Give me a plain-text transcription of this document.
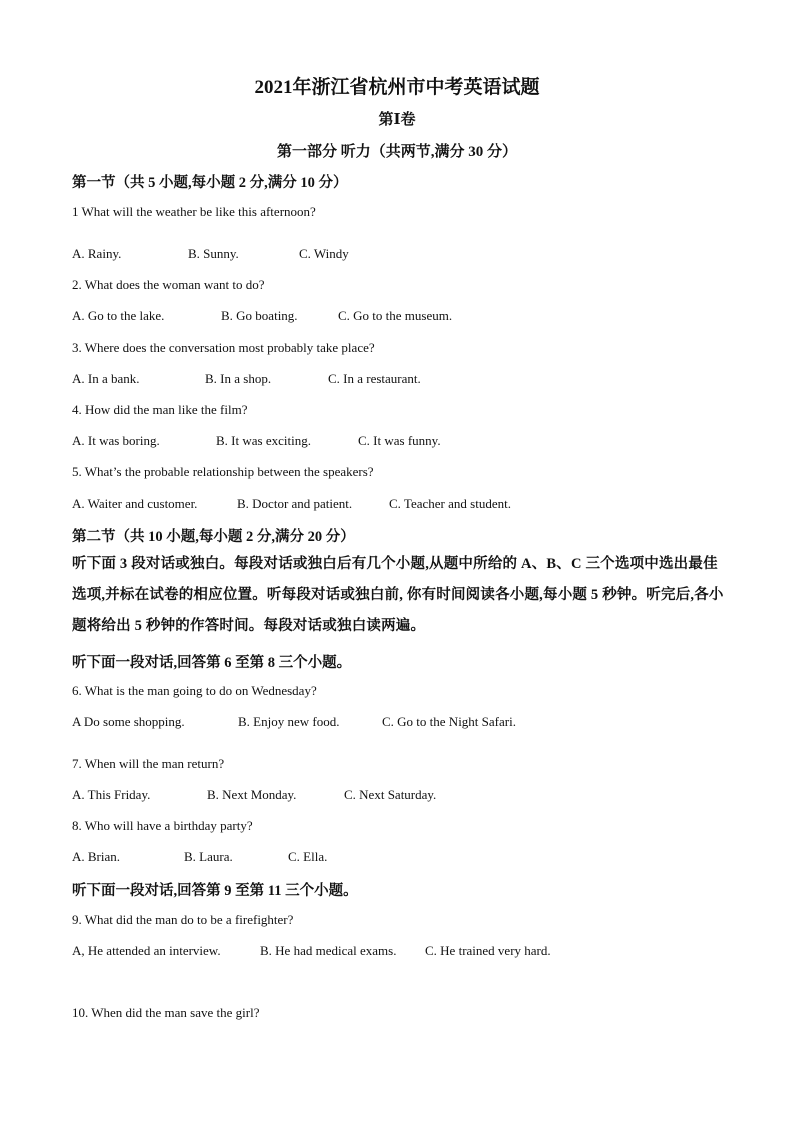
2021年浙江省杭州市中考英语试题
第Ⅰ卷
第一部分 听力（共两节,满分 30 分）
第一节（共 5 小题,每小题 2 分,满分 10 分）
1 What will the weather be like this afternoon?
A. Rainy.	B. Sunny.	C. Windy
2. What does the woman want to do?
A. Go to the lake.	B. Go boating.	C. Go to the museum.
3. Where does the conversation most probably take place?
A. In a bank.	B. In a shop.	C. In a restaurant.
4. How did the man like the film?
A. It was boring.	B. It was exciting.	C. It was funny.
5. What’s the probable relationship between the speakers?
A. Waiter and customer.	B. Doctor and patient.	C. Teacher and student.
第二节（共 10 小题,每小题 2 分,满分 20 分）
听下面 3 段对话或独白。每段对话或独白后有几个小题,从题中所给的 A、B、C 三个选项中选出最佳选项,并标在试卷的相应位置。听每段对话或独白前, 你有时间阅读各小题,每小题 5 秒钟。听完后,各小题将给出 5 秒钟的作答时间。每段对话或独白读两遍。
听下面一段对话,回答第 6 至第 8 三个小题。
6. What is the man going to do on Wednesday?
A Do some shopping.	B. Enjoy new food.	C. Go to the Night Safari.
7. When will the man return?
A. This Friday.	B. Next Monday.	C. Next Saturday.
8. Who will have a birthday party?
A. Brian.	B. Laura.	C. Ella.
听下面一段对话,回答第 9 至第 11 三个小题。
9. What did the man do to be a firefighter?
A, He attended an interview.	B. He had medical exams. C. He trained very hard.
10. When did the man save the girl?
